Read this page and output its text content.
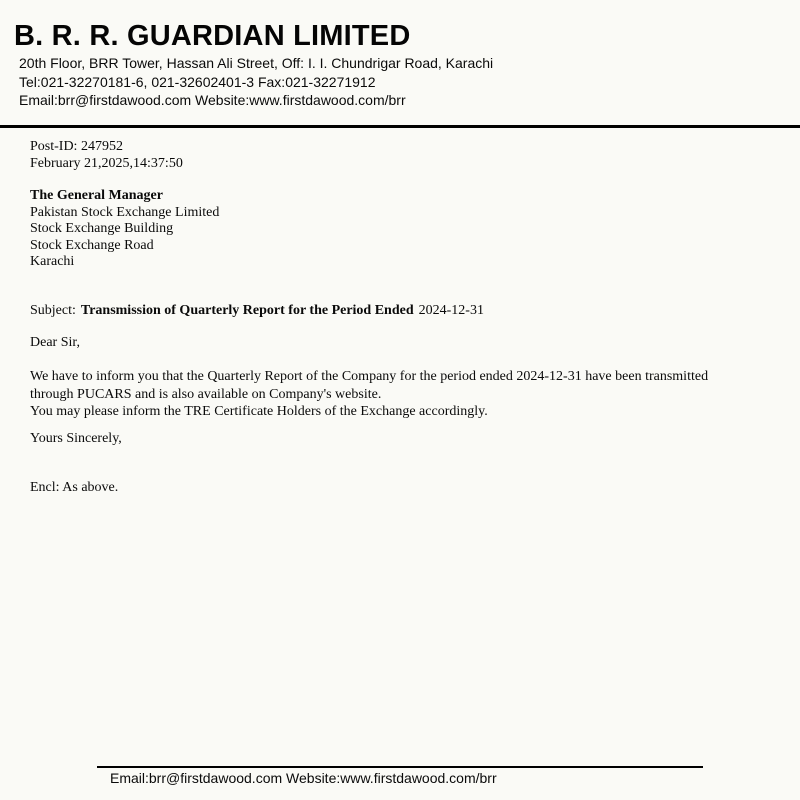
B. R. R. GUARDIAN LIMITED
20th Floor, BRR Tower, Hassan Ali Street, Off: I. I. Chundrigar Road, Karachi
Tel:021-32270181-6, 021-32602401-3 Fax:021-32271912
Email:brr@firstdawood.com Website:www.firstdawood.com/brr
Post-ID: 247952
February 21,2025,14:37:50
The General Manager
Pakistan Stock Exchange Limited
Stock Exchange Building
Stock Exchange Road
Karachi
Subject: Transmission of Quarterly Report for the Period Ended 2024-12-31
Dear Sir,
We have to inform you that the Quarterly Report of the Company for the period ended 2024-12-31 have been transmitted
through PUCARS and is also available on Company's website.
You may please inform the TRE Certificate Holders of the Exchange accordingly.
Yours Sincerely,
Encl: As above.
Email:brr@firstdawood.com Website:www.firstdawood.com/brr
